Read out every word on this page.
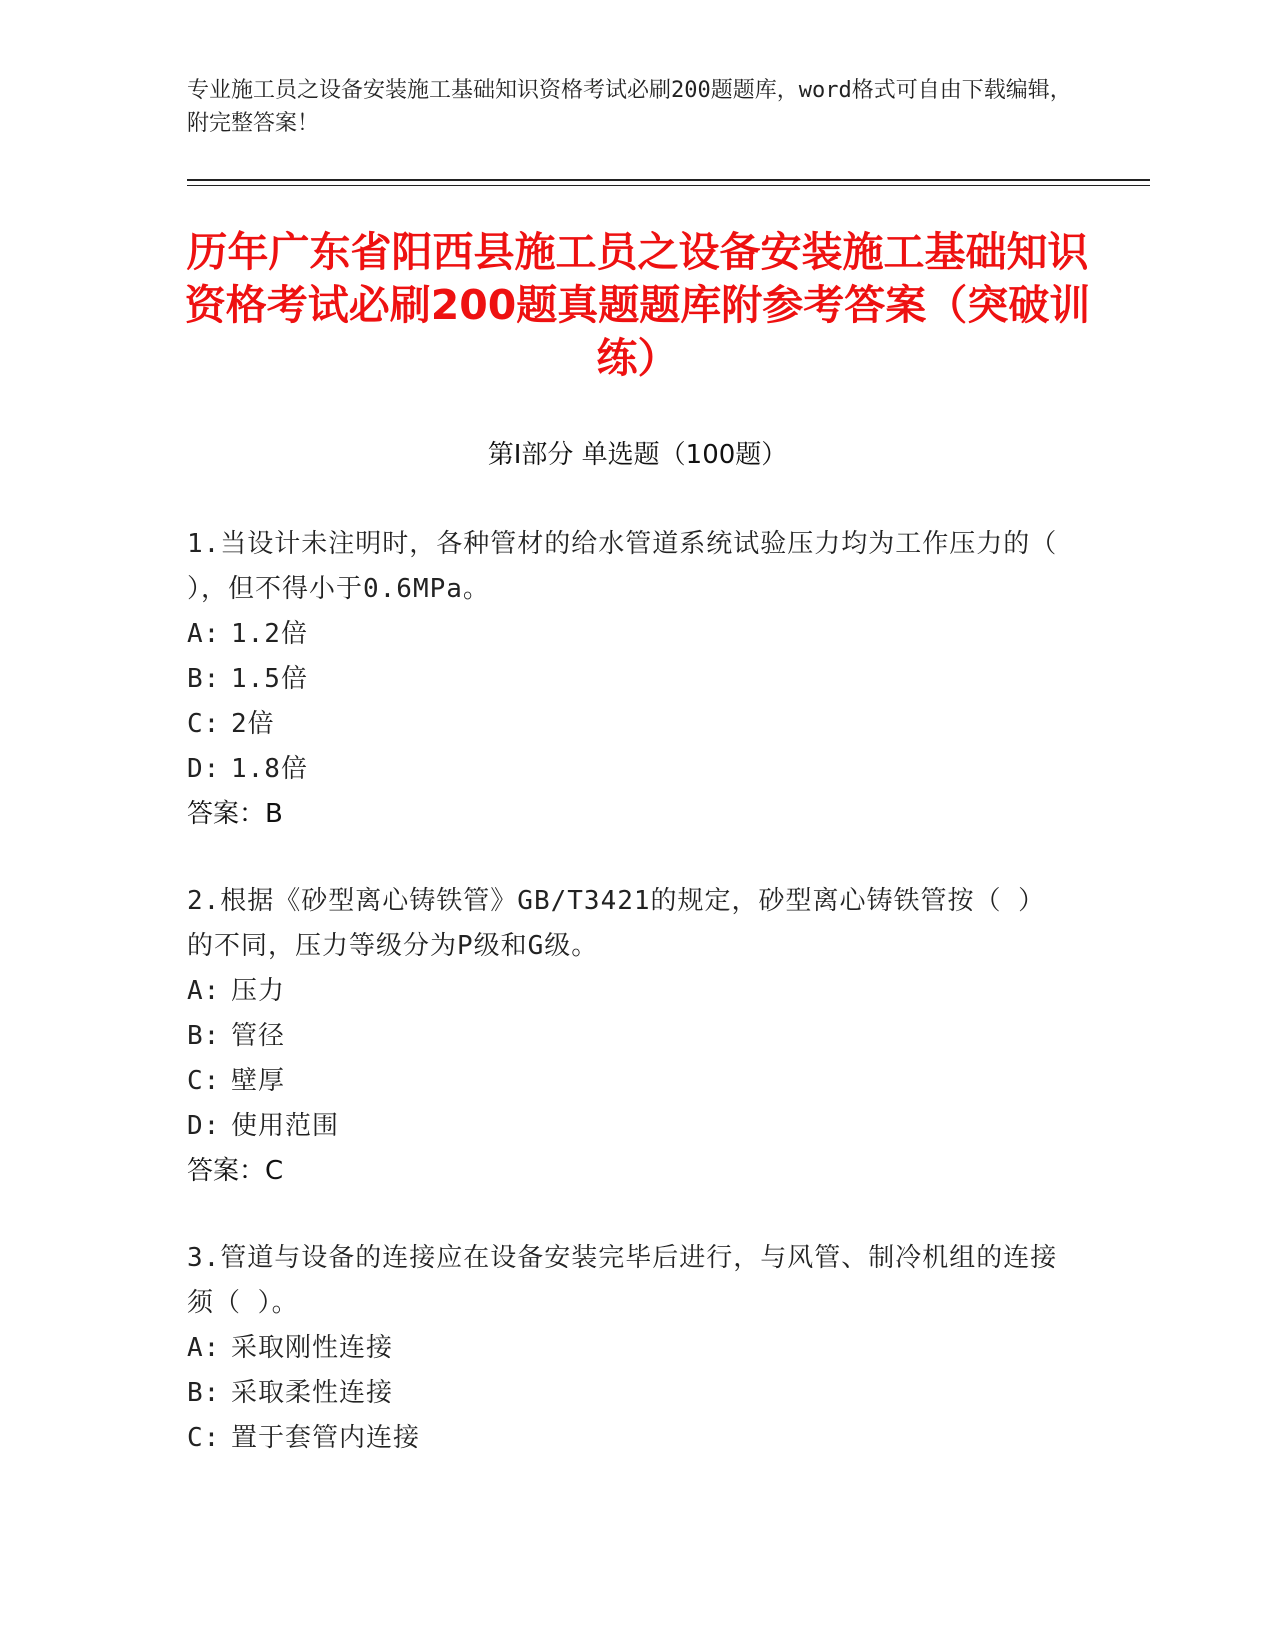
专业施工员之设备安装施工基础知识资格考试必刷200题题库，word格式可自由下载编辑，附完整答案！
历年广东省阳西县施工员之设备安装施工基础知识资格考试必刷200题真题题库附参考答案（突破训练）
第Ⅰ部分 单选题（100题）

1.当设计未注明时，各种管材的给水管道系统试验压力均为工作压力的（ ），但不得小于0.6MPa。

A: 1.2倍

B: 1.5倍

C: 2倍

D: 1.8倍

答案：B

2.根据《砂型离心铸铁管》GB/T3421的规定，砂型离心铸铁管按（ ）的不同，压力等级分为P级和G级。

A: 压力

B: 管径

C: 壁厚

D: 使用范围

答案：C

3.管道与设备的连接应在设备安装完毕后进行，与风管、制冷机组的连接须（ ）。

A: 采取刚性连接

B: 采取柔性连接

C: 置于套管内连接
